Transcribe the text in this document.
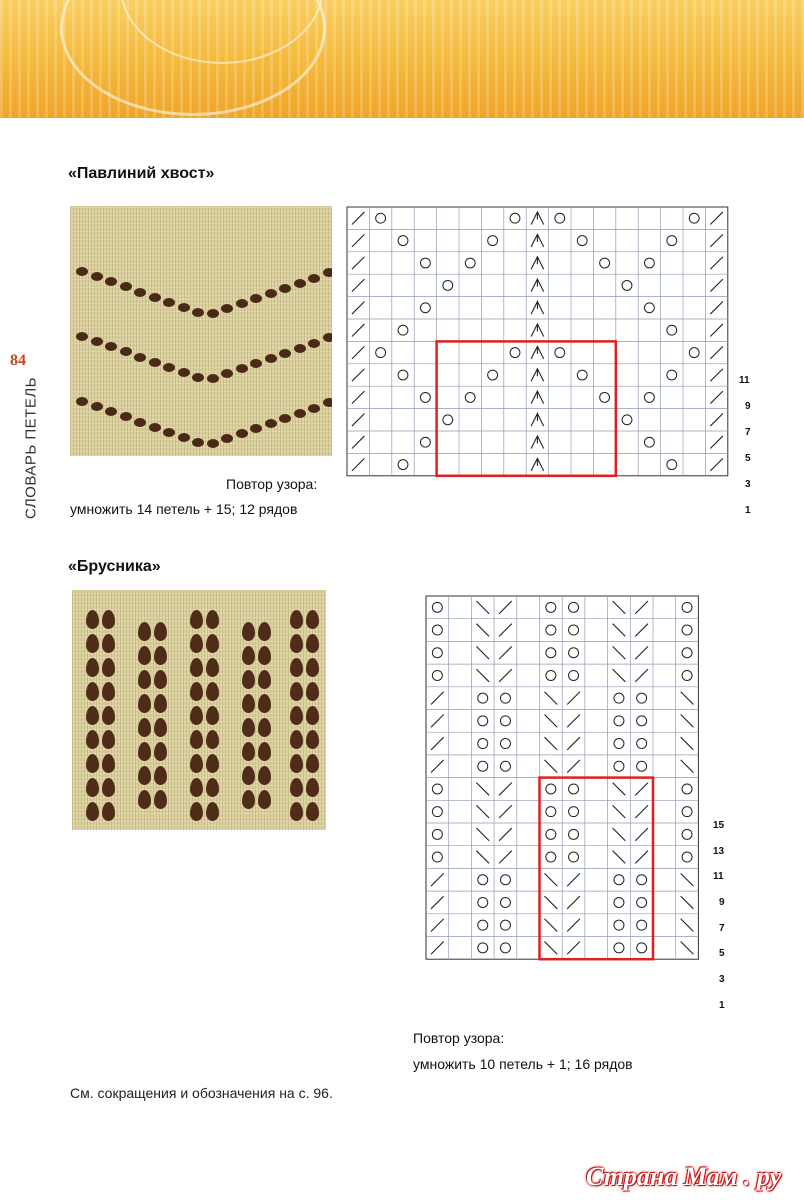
84
СЛОВАРЬ ПЕТЕЛЬ
«Павлиний хвост»
Повтор узора:
умножить 14 петель + 15; 12 рядов
11
9
7
5
3
1
«Брусника»
15
13
11
9
7
5
3
1
Повтор узора:
умножить 10 петель + 1; 16 рядов
См. сокращения и обозначения на с. 96.
Страна Мам . ру
